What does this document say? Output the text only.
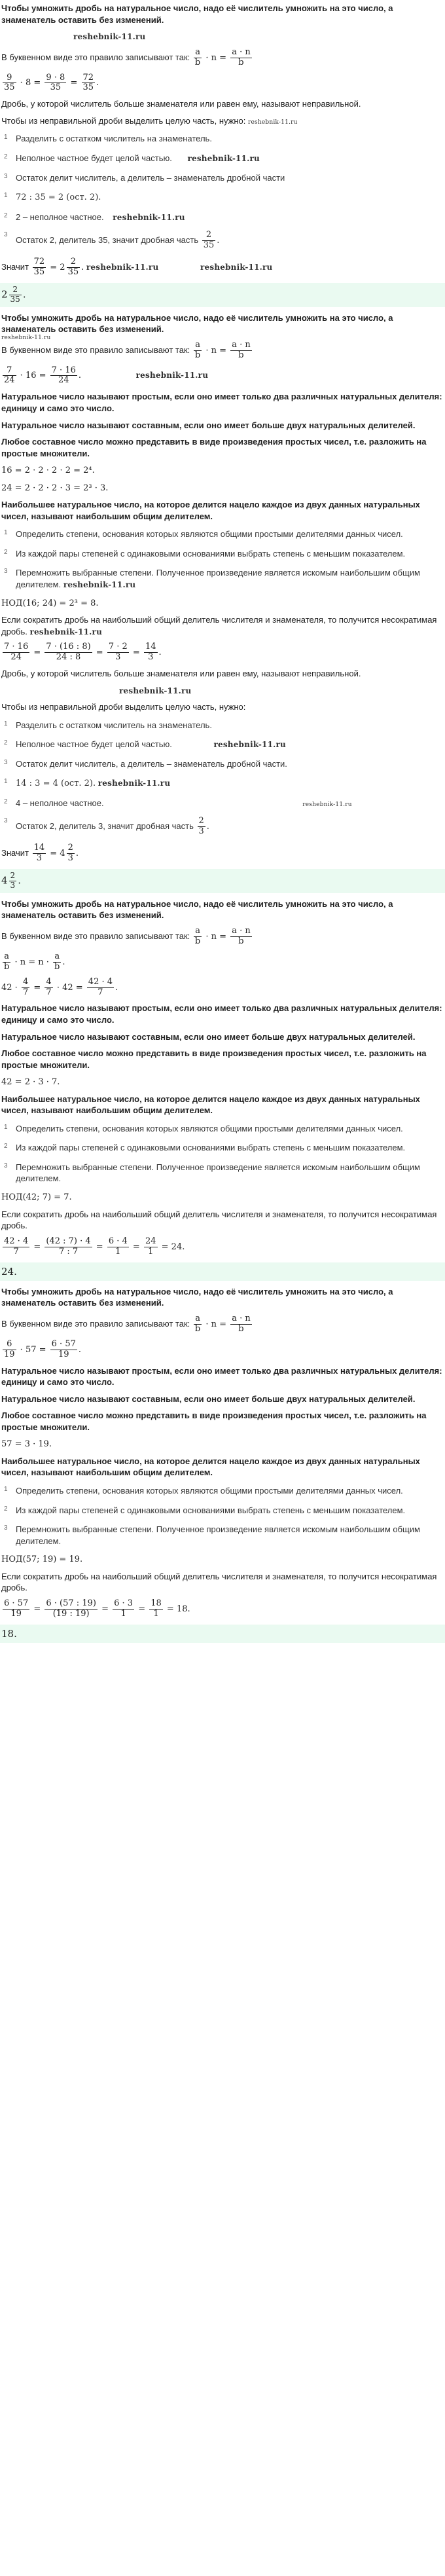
Чтобы умножить дробь на натуральное число, надо её числитель умножить на это число, а знаменатель оставить без изменений.

reshebnik-11.ru

В буквенном виде это правило записывают так: $\frac{a}{b} \cdot n = \frac{a \cdot n}{b}$

$\frac{9}{35} \cdot 8 = \frac{9 \cdot 8}{35} = \frac{72}{35}$ .

Дробь, у которой числитель больше знаменателя или равен ему, называют неправильной.

Чтобы из неправильной дроби выделить целую часть, нужно: reshebnik-11.ru

1 Разделить с остатком числитель на знаменатель.
2 Неполное частное будет целой частью. reshebnik-11.ru
3 Остаток делит числитель, а делитель – знаменатель дробной части
1 72 : 35 = 2 (ост. 2).
2 2 – неполное частное. reshebnik-11.ru
3
Остаток 2, делитель 35, значит дробная часть $\frac{2}{35}$ .

Значит $\frac{72}{35} = 2 \frac{2}{35}$ . reshebnik-11.ru	reshebnik-11.ru

$2 \frac{2}{35}$ .

Чтобы умножить дробь на натуральное число, надо её числитель умножить на это число, а знаменатель оставить без изменений.

reshebnik-11.ru
В буквенном виде это правило записывают так: $\frac{a}{b} \cdot n = \frac{a \cdot n}{b}$

$\frac{7}{24} \cdot 16 = \frac{7 \cdot 16}{24}$ .	reshebnik-11.ru

Натуральное число называют простым, если оно имеет только два различных натуральных делителя: единицу и само это число.

Натуральное число называют составным, если оно имеет больше двух натуральных делителей.

Любое составное число можно представить в виде произведения простых чисел, т.е. разложить на простые множители.

16 = 2 · 2 · 2 · 2 = 2⁴.

24 = 2 · 2 · 2 · 3 = 2³ · 3.

Наибольшее натуральное число, на которое делится нацело каждое из двух данных натуральных чисел, называют наибольшим общим делителем.

1 Определить степени, основания которых являются общими простыми делителями данных чисел.
2 Из каждой пары степеней с одинаковыми основаниями выбрать степень с меньшим показателем.
3 Перемножить выбранные степени. Полученное произведение является искомым наибольшим общим делителем. reshebnik-11.ru

НОД(16; 24) = 2³ = 8.

Если сократить дробь на наибольший общий делитель числителя и знаменателя, то получится несократимая дробь. reshebnik-11.ru

$\frac{7 \cdot 16}{24} = \frac{7 \cdot (16 : 8)}{24 : 8} = \frac{7 \cdot 2}{3} = \frac{14}{3}$ .

Дробь, у которой числитель больше знаменателя или равен ему, называют неправильной.

reshebnik-11.ru

Чтобы из неправильной дроби выделить целую часть, нужно:

1 Разделить с остатком числитель на знаменатель.
2 Неполное частное будет целой частью.	reshebnik-11.ru
3 Остаток делит числитель, а делитель – знаменатель дробной части.
1 14 : 3 = 4 (ост. 2). reshebnik-11.ru
2 4 – неполное частное.	reshebnik-11.ru
3
Остаток 2, делитель 3, значит дробная часть $\frac{2}{3}$ .

Значит $\frac{14}{3} = 4 \frac{2}{3}$ .

$4 \frac{2}{3}$ .

Чтобы умножить дробь на натуральное число, надо её числитель умножить на это число, а знаменатель оставить без изменений.

В буквенном виде это правило записывают так: $\frac{a}{b} \cdot n = \frac{a \cdot n}{b}$

$\frac{a}{b} \cdot n = n \cdot \frac{a}{b}$ .

$42 \cdot \frac{4}{7} = \frac{4}{7} \cdot 42 = \frac{42 \cdot 4}{7}$ .

Натуральное число называют простым, если оно имеет только два различных натуральных делителя: единицу и само это число.

Натуральное число называют составным, если оно имеет больше двух натуральных делителей.

Любое составное число можно представить в виде произведения простых чисел, т.е. разложить на простые множители.

42 = 2 · 3 · 7.

Наибольшее натуральное число, на которое делится нацело каждое из двух данных натуральных чисел, называют наибольшим общим делителем.

1 Определить степени, основания которых являются общими простыми делителями данных чисел.
2 Из каждой пары степеней с одинаковыми основаниями выбрать степень с меньшим показателем.
3 Перемножить выбранные степени. Полученное произведение является искомым наибольшим общим делителем.

НОД(42; 7) = 7.

Если сократить дробь на наибольший общий делитель числителя и знаменателя, то получится несократимая дробь.

$\frac{42 \cdot 4}{7} = \frac{(42 : 7) \cdot 4}{7 : 7} = \frac{6 \cdot 4}{1} = \frac{24}{1} = 24$.

24.

Чтобы умножить дробь на натуральное число, надо её числитель умножить на это число, а знаменатель оставить без изменений.

В буквенном виде это правило записывают так: $\frac{a}{b} \cdot n = \frac{a \cdot n}{b}$

$\frac{6}{19} \cdot 57 = \frac{6 \cdot 57}{19}$ .

Натуральное число называют простым, если оно имеет только два различных натуральных делителя: единицу и само это число.

Натуральное число называют составным, если оно имеет больше двух натуральных делителей.

Любое составное число можно представить в виде произведения простых чисел, т.е. разложить на простые множители.

57 = 3 · 19.

Наибольшее натуральное число, на которое делится нацело каждое из двух данных натуральных чисел, называют наибольшим общим делителем.

1 Определить степени, основания которых являются общими простыми делителями данных чисел.
2 Из каждой пары степеней с одинаковыми основаниями выбрать степень с меньшим показателем.
3 Перемножить выбранные степени. Полученное произведение является искомым наибольшим общим делителем.

НОД(57; 19) = 19.

Если сократить дробь на наибольший общий делитель числителя и знаменателя, то получится несократимая дробь.

$\frac{6 \cdot 57}{19} = \frac{6 \cdot (57 : 19)}{(19 : 19)} = \frac{6 \cdot 3}{1} = \frac{18}{1} = 18$.

18.
